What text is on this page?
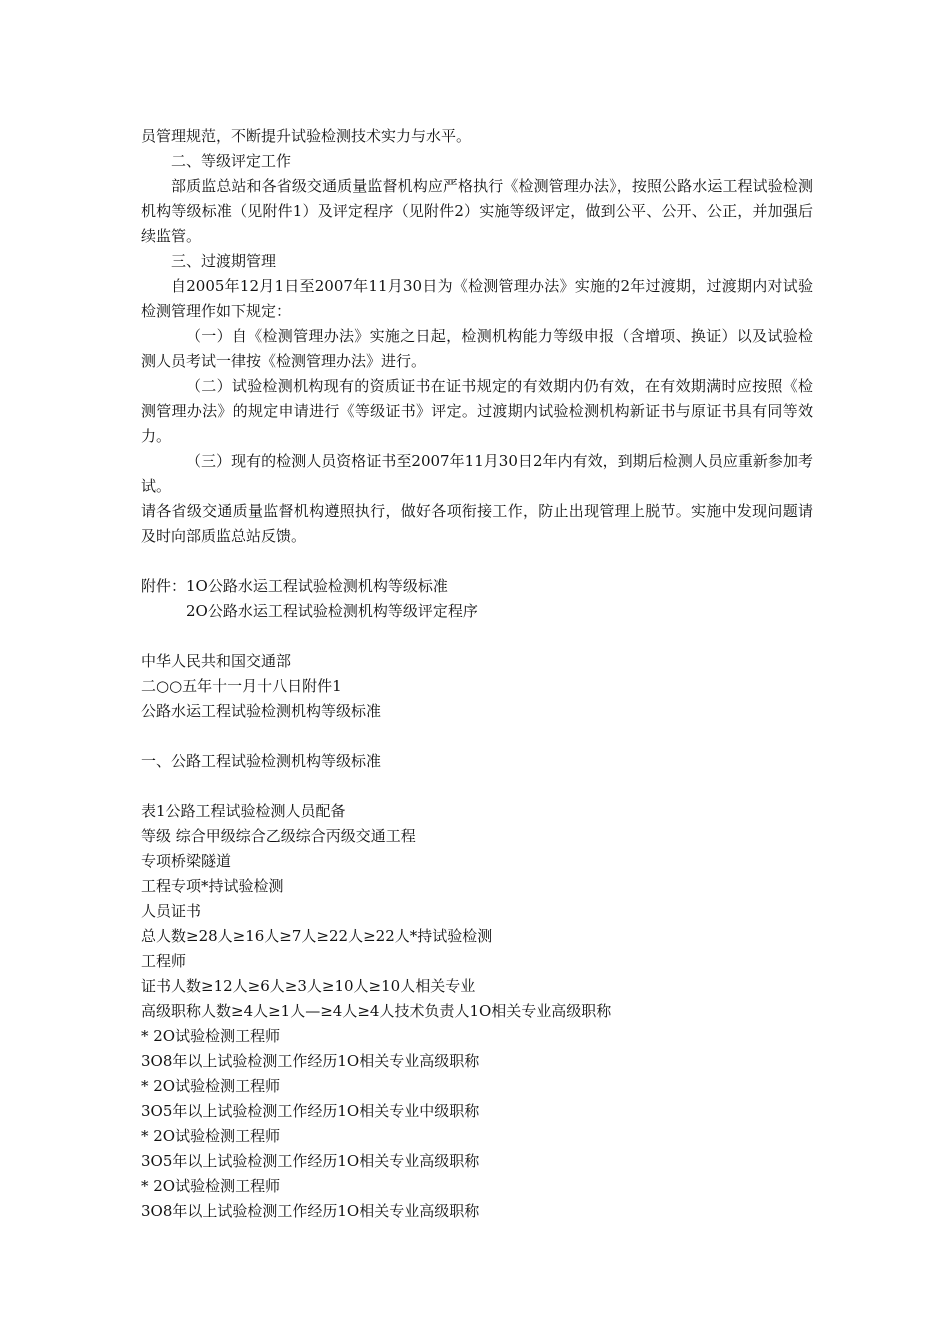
员管理规范，不断提升试验检测技术实力与水平。

二、等级评定工作

部质监总站和各省级交通质量监督机构应严格执行《检测管理办法》，按照公路水运工程试验检测机构等级标准（见附件1）及评定程序（见附件2）实施等级评定，做到公平、公开、公正，并加强后续监管。

三、过渡期管理

自2005年12月1日至2007年11月30日为《检测管理办法》实施的2年过渡期，过渡期内对试验检测管理作如下规定：

（一）自《检测管理办法》实施之日起，检测机构能力等级申报（含增项、换证）以及试验检测人员考试一律按《检测管理办法》进行。

（二）试验检测机构现有的资质证书在证书规定的有效期内仍有效，在有效期满时应按照《检测管理办法》的规定申请进行《等级证书》评定。过渡期内试验检测机构新证书与原证书具有同等效力。

（三）现有的检测人员资格证书至2007年11月30日2年内有效，到期后检测人员应重新参加考试。

请各省级交通质量监督机构遵照执行，做好各项衔接工作，防止出现管理上脱节。实施中发现问题请及时向部质监总站反馈。

附件：1O公路水运工程试验检测机构等级标准

2O公路水运工程试验检测机构等级评定程序

中华人民共和国交通部

二○○五年十一月十八日附件1

公路水运工程试验检测机构等级标准

一、公路工程试验检测机构等级标准

表1公路工程试验检测人员配备

等级 综合甲级综合乙级综合丙级交通工程

专项桥梁隧道

工程专项*持试验检测

人员证书

总人数≥28人≥16人≥7人≥22人≥22人*持试验检测

工程师

证书人数≥12人≥6人≥3人≥10人≥10人相关专业

高级职称人数≥4人≥1人—≥4人≥4人技术负责人1O相关专业高级职称

* 2O试验检测工程师

3O8年以上试验检测工作经历1O相关专业高级职称

* 2O试验检测工程师

3O5年以上试验检测工作经历1O相关专业中级职称

* 2O试验检测工程师

3O5年以上试验检测工作经历1O相关专业高级职称

* 2O试验检测工程师

3O8年以上试验检测工作经历1O相关专业高级职称
